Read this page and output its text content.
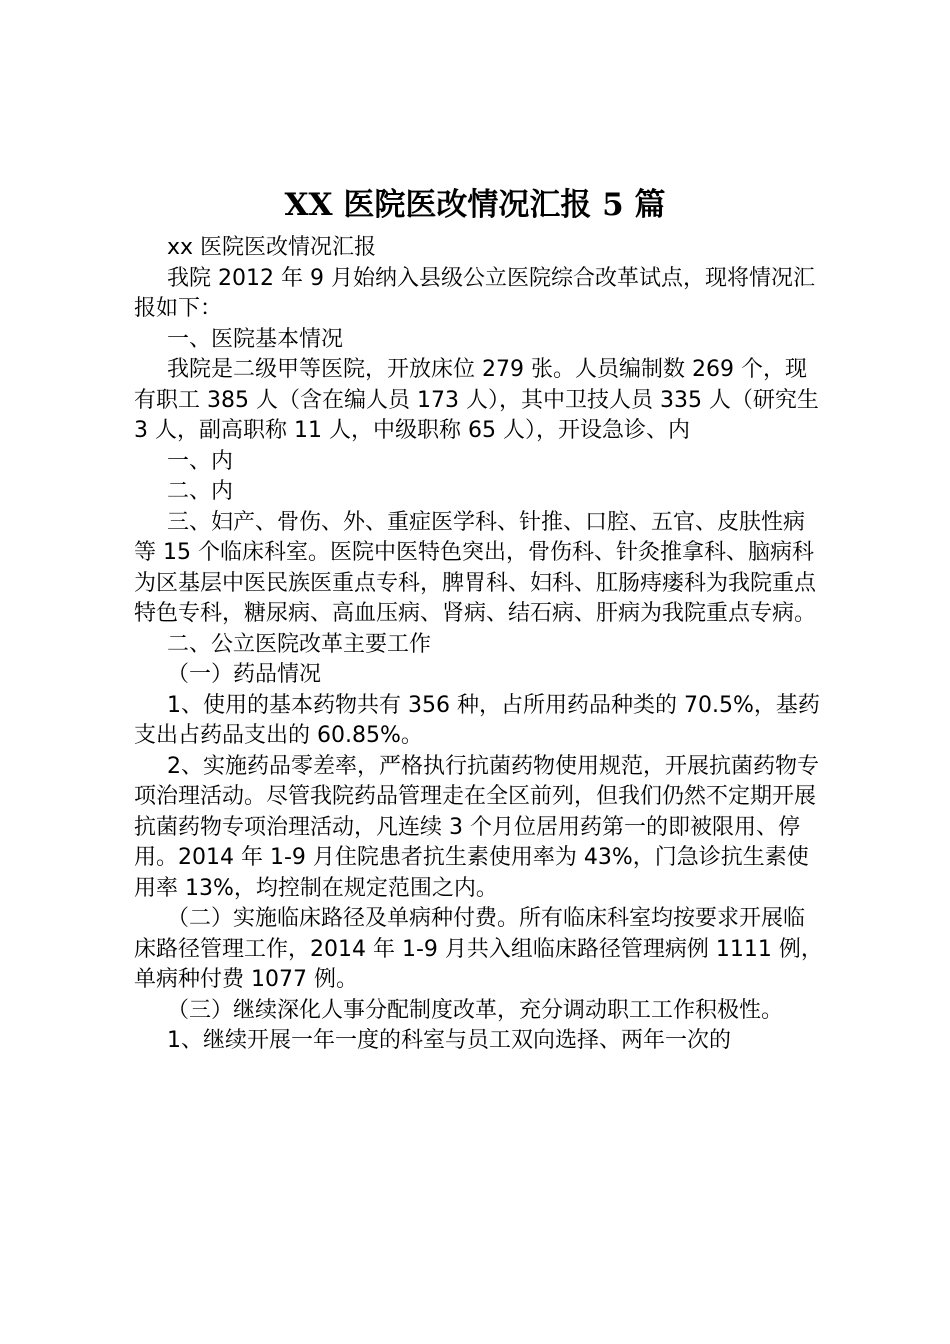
XX 医院医改情况汇报 5 篇

xx 医院医改情况汇报

我院 2012 年 9 月始纳入县级公立医院综合改革试点，现将情况汇报如下：

一、医院基本情况

我院是二级甲等医院，开放床位 279 张。人员编制数 269 个，现有职工 385 人（含在编人员 173 人），其中卫技人员 335 人（研究生 3 人，副高职称 11 人，中级职称 65 人），开设急诊、内

一、内

二、内

三、妇产、骨伤、外、重症医学科、针推、口腔、五官、皮肤性病等 15 个临床科室。医院中医特色突出，骨伤科、针灸推拿科、脑病科为区基层中医民族医重点专科，脾胃科、妇科、肛肠痔瘘科为我院重点特色专科，糖尿病、高血压病、肾病、结石病、肝病为我院重点专病。

二、公立医院改革主要工作

（一）药品情况

1、使用的基本药物共有 356 种，占所用药品种类的 70.5%，基药支出占药品支出的 60.85%。

2、实施药品零差率，严格执行抗菌药物使用规范，开展抗菌药物专项治理活动。尽管我院药品管理走在全区前列，但我们仍然不定期开展抗菌药物专项治理活动，凡连续 3 个月位居用药第一的即被限用、停用。2014 年 1-9 月住院患者抗生素使用率为 43%，门急诊抗生素使用率 13%，均控制在规定范围之内。

（二）实施临床路径及单病种付费。所有临床科室均按要求开展临床路径管理工作，2014 年 1-9 月共入组临床路径管理病例 1111 例，单病种付费 1077 例。

（三）继续深化人事分配制度改革，充分调动职工工作积极性。

1、继续开展一年一度的科室与员工双向选择、两年一次的
